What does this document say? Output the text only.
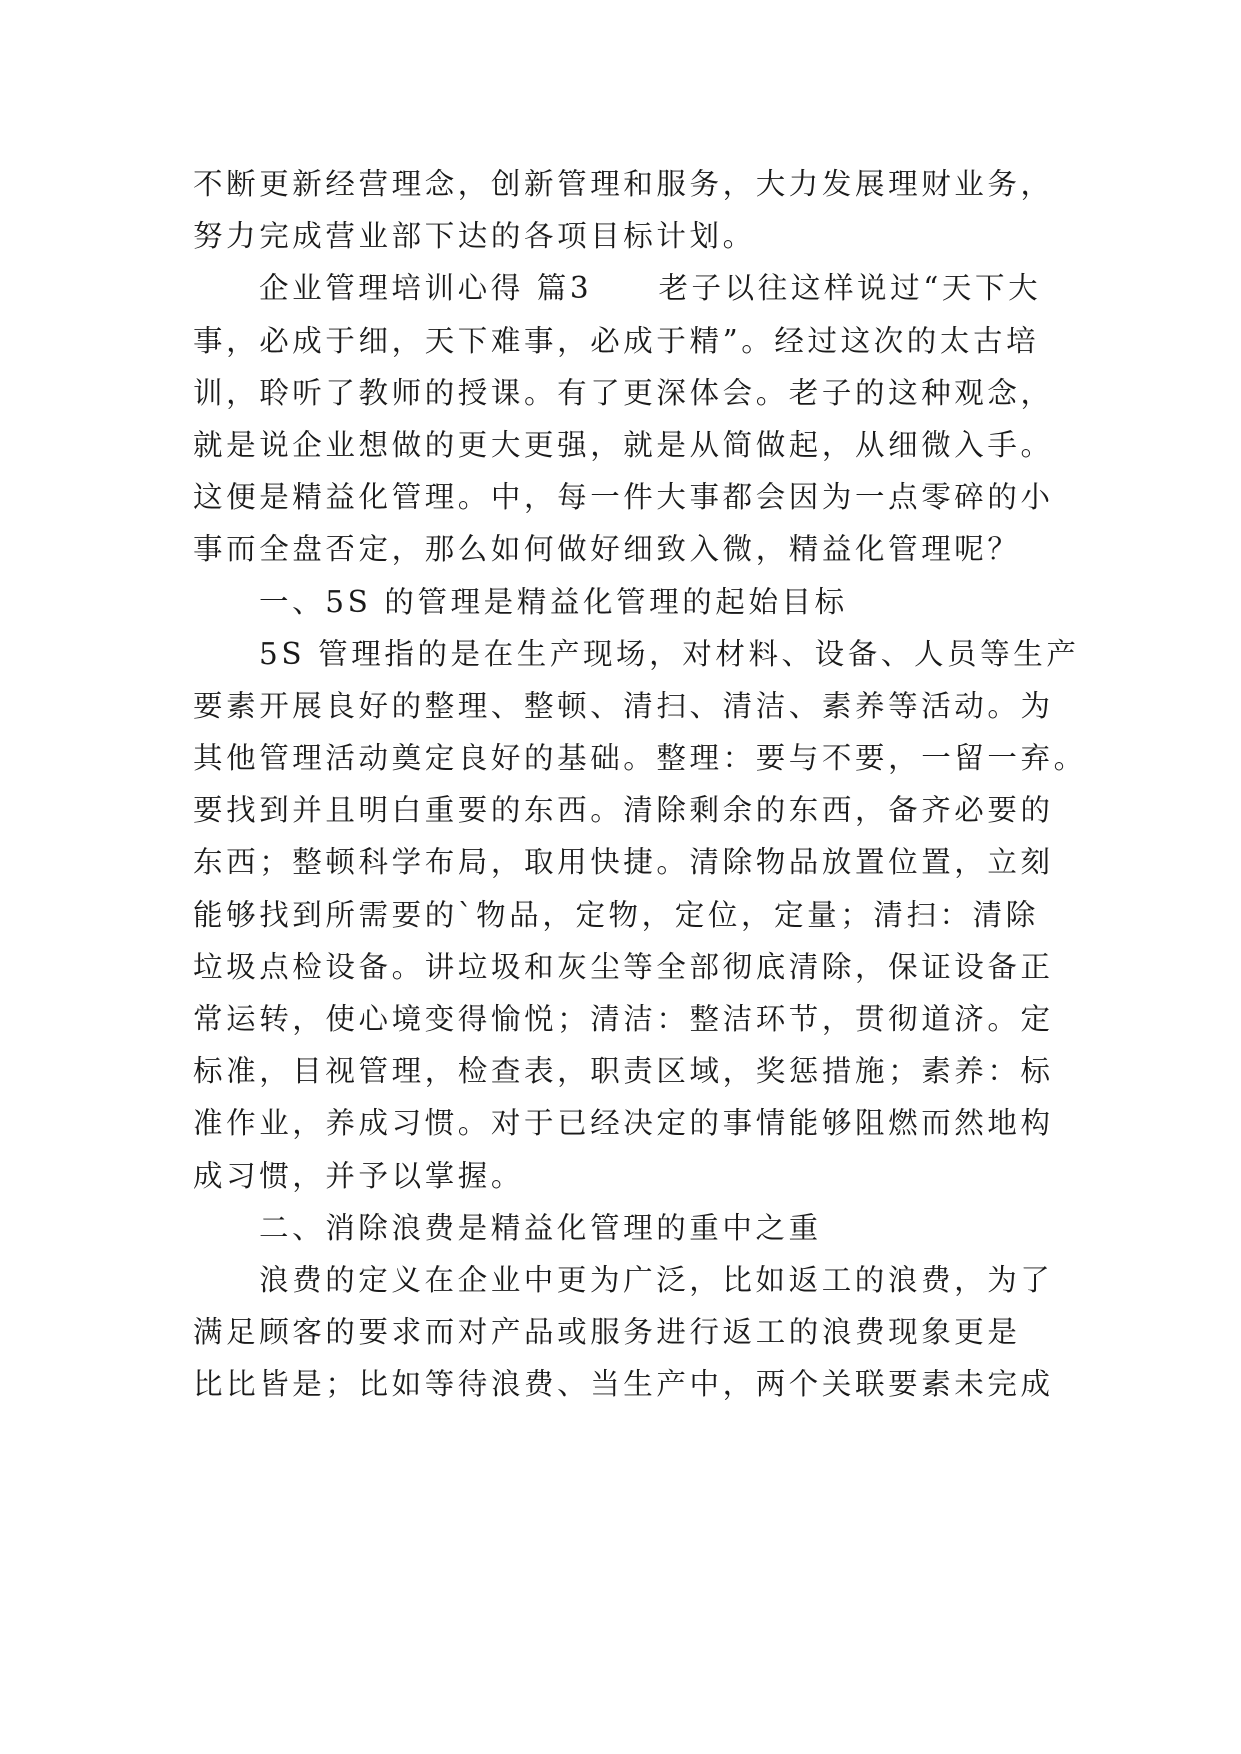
不断更新经营理念，创新管理和服务，大力发展理财业务，
努力完成营业部下达的各项目标计划。
企业管理培训心得 篇3　　老子以往这样说过“天下大
事，必成于细，天下难事，必成于精”。经过这次的太古培
训，聆听了教师的授课。有了更深体会。老子的这种观念，
就是说企业想做的更大更强，就是从简做起，从细微入手。
这便是精益化管理。中，每一件大事都会因为一点零碎的小
事而全盘否定，那么如何做好细致入微，精益化管理呢？
一、5S 的管理是精益化管理的起始目标
5S 管理指的是在生产现场，对材料、设备、人员等生产
要素开展良好的整理、整顿、清扫、清洁、素养等活动。为
其他管理活动奠定良好的基础。整理：要与不要，一留一弃。
要找到并且明白重要的东西。清除剩余的东西，备齐必要的
东西；整顿科学布局，取用快捷。清除物品放置位置，立刻
能够找到所需要的`物品，定物，定位，定量；清扫：清除
垃圾点检设备。讲垃圾和灰尘等全部彻底清除，保证设备正
常运转，使心境变得愉悦；清洁：整洁环节，贯彻道济。定
标准，目视管理，检查表，职责区域，奖惩措施；素养：标
准作业，养成习惯。对于已经决定的事情能够阻燃而然地构
成习惯，并予以掌握。
二、消除浪费是精益化管理的重中之重
浪费的定义在企业中更为广泛，比如返工的浪费，为了
满足顾客的要求而对产品或服务进行返工的浪费现象更是
比比皆是；比如等待浪费、当生产中，两个关联要素未完成
